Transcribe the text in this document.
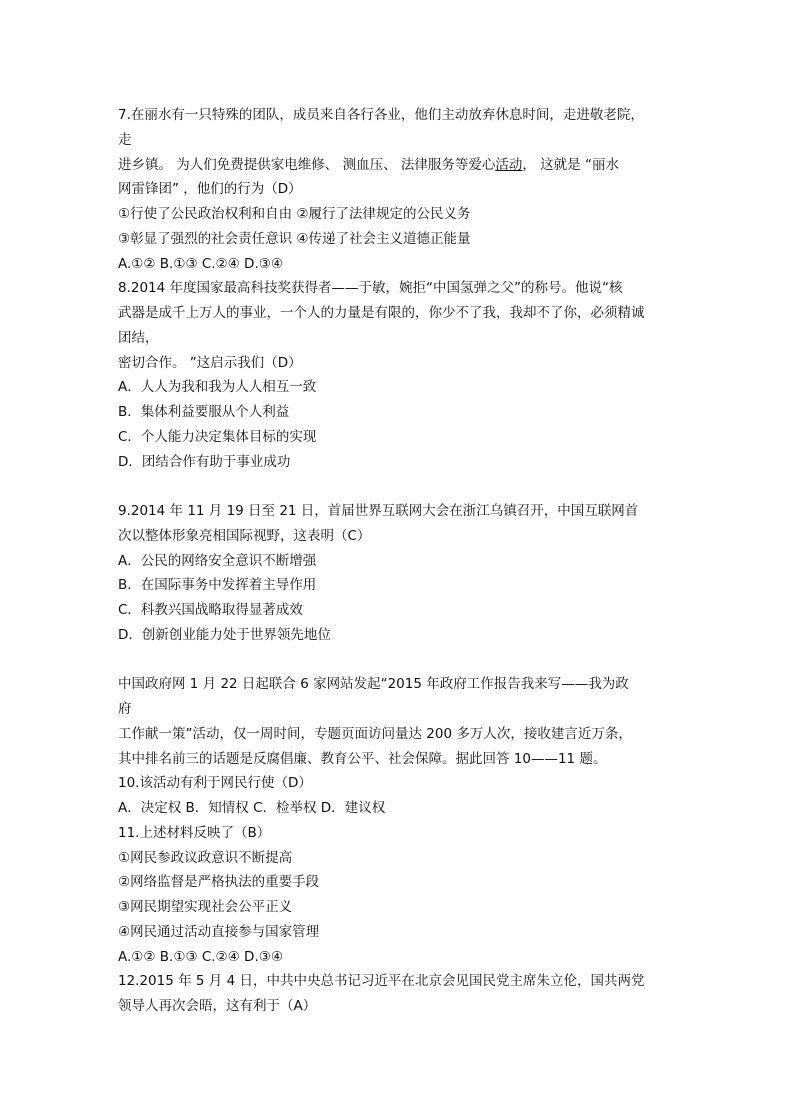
7.在丽水有一只特殊的团队，成员来自各行各业，他们主动放弃休息时间，走进敬老院，
走
进乡镇。 为人们免费提供家电维修、 测血压、 法律服务等爱心活动， 这就是 “丽水
网雷锋团” ，他们的行为（D）
①行使了公民政治权利和自由 ②履行了法律规定的公民义务
③彰显了强烈的社会责任意识 ④传递了社会主义道德正能量
A.①② B.①③ C.②④ D.③④
8.2014 年度国家最高科技奖获得者——于敏，婉拒“中国氢弹之父”的称号。他说“核
武器是成千上万人的事业，一个人的力量是有限的，你少不了我，我却不了你，必须精诚
团结，
密切合作。 ”这启示我们（D）
A．人人为我和我为人人相互一致
B．集体利益要服从个人利益
C．个人能力决定集体目标的实现
D．团结合作有助于事业成功
9.2014 年 11 月 19 日至 21 日，首届世界互联网大会在浙江乌镇召开，中国互联网首
次以整体形象亮相国际视野，这表明（C）
A．公民的网络安全意识不断增强
B．在国际事务中发挥着主导作用
C．科教兴国战略取得显著成效
D．创新创业能力处于世界领先地位
中国政府网 1 月 22 日起联合 6 家网站发起“2015 年政府工作报告我来写——我为政
府
工作献一策”活动，仅一周时间，专题页面访问量达 200 多万人次，接收建言近万条，
其中排名前三的话题是反腐倡廉、教育公平、社会保障。据此回答 10——11 题。
10.该活动有利于网民行使（D）
A．决定权 B．知情权 C．检举权 D．建议权
11.上述材料反映了（B）
①网民参政议政意识不断提高
②网络监督是严格执法的重要手段
③网民期望实现社会公平正义
④网民通过活动直接参与国家管理
A.①② B.①③ C.②④ D.③④
12.2015 年 5 月 4 日，中共中央总书记习近平在北京会见国民党主席朱立伦，国共两党
领导人再次会晤，这有利于（A）
